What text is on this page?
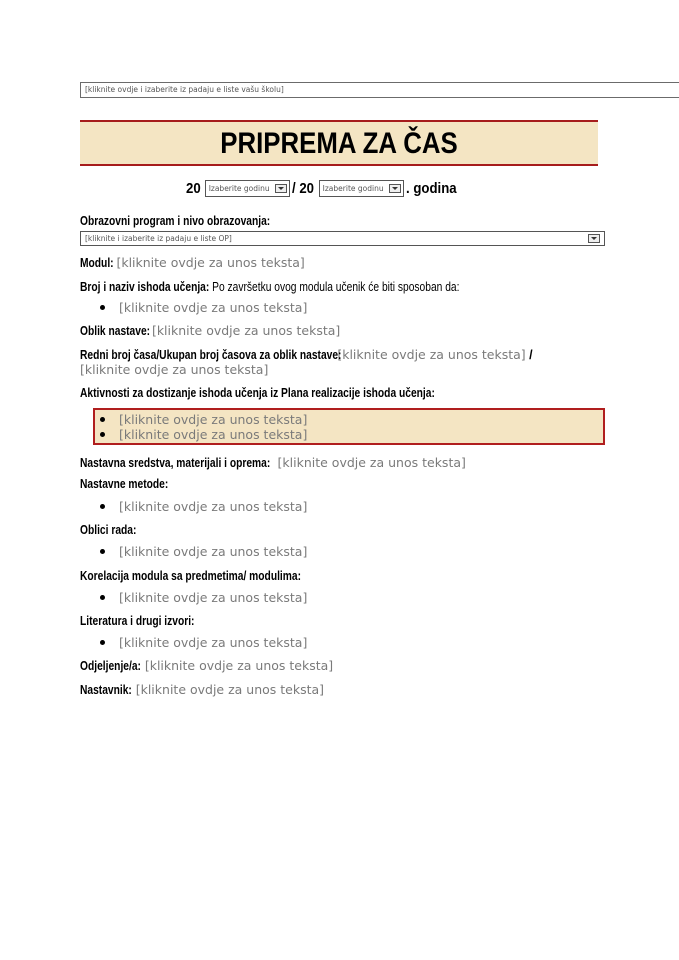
[kliknite ovdje i izaberite iz padaju e liste vašu školu]
PRIPREMA ZA ČAS
20 Izaberite godinu / 20 Izaberite godinu . godina
Obrazovni program i nivo obrazovanja:
[kliknite i izaberite iz padaju e liste OP]
Modul: [kliknite ovdje za unos teksta]
Broj i naziv ishoda učenja: Po završetku ovog modula učenik će biti sposoban da:
[kliknite ovdje za unos teksta]
Oblik nastave: [kliknite ovdje za unos teksta]
Redni broj časa/Ukupan broj časova za oblik nastave: [kliknite ovdje za unos teksta] /
[kliknite ovdje za unos teksta]
Aktivnosti za dostizanje ishoda učenja iz Plana realizacije ishoda učenja:
[kliknite ovdje za unos teksta]
[kliknite ovdje za unos teksta]
Nastavna sredstva, materijali i oprema: [kliknite ovdje za unos teksta]
Nastavne metode:
[kliknite ovdje za unos teksta]
Oblici rada:
[kliknite ovdje za unos teksta]
Korelacija modula sa predmetima/ modulima:
[kliknite ovdje za unos teksta]
Literatura i drugi izvori:
[kliknite ovdje za unos teksta]
Odjeljenje/a: [kliknite ovdje za unos teksta]
Nastavnik: [kliknite ovdje za unos teksta]
